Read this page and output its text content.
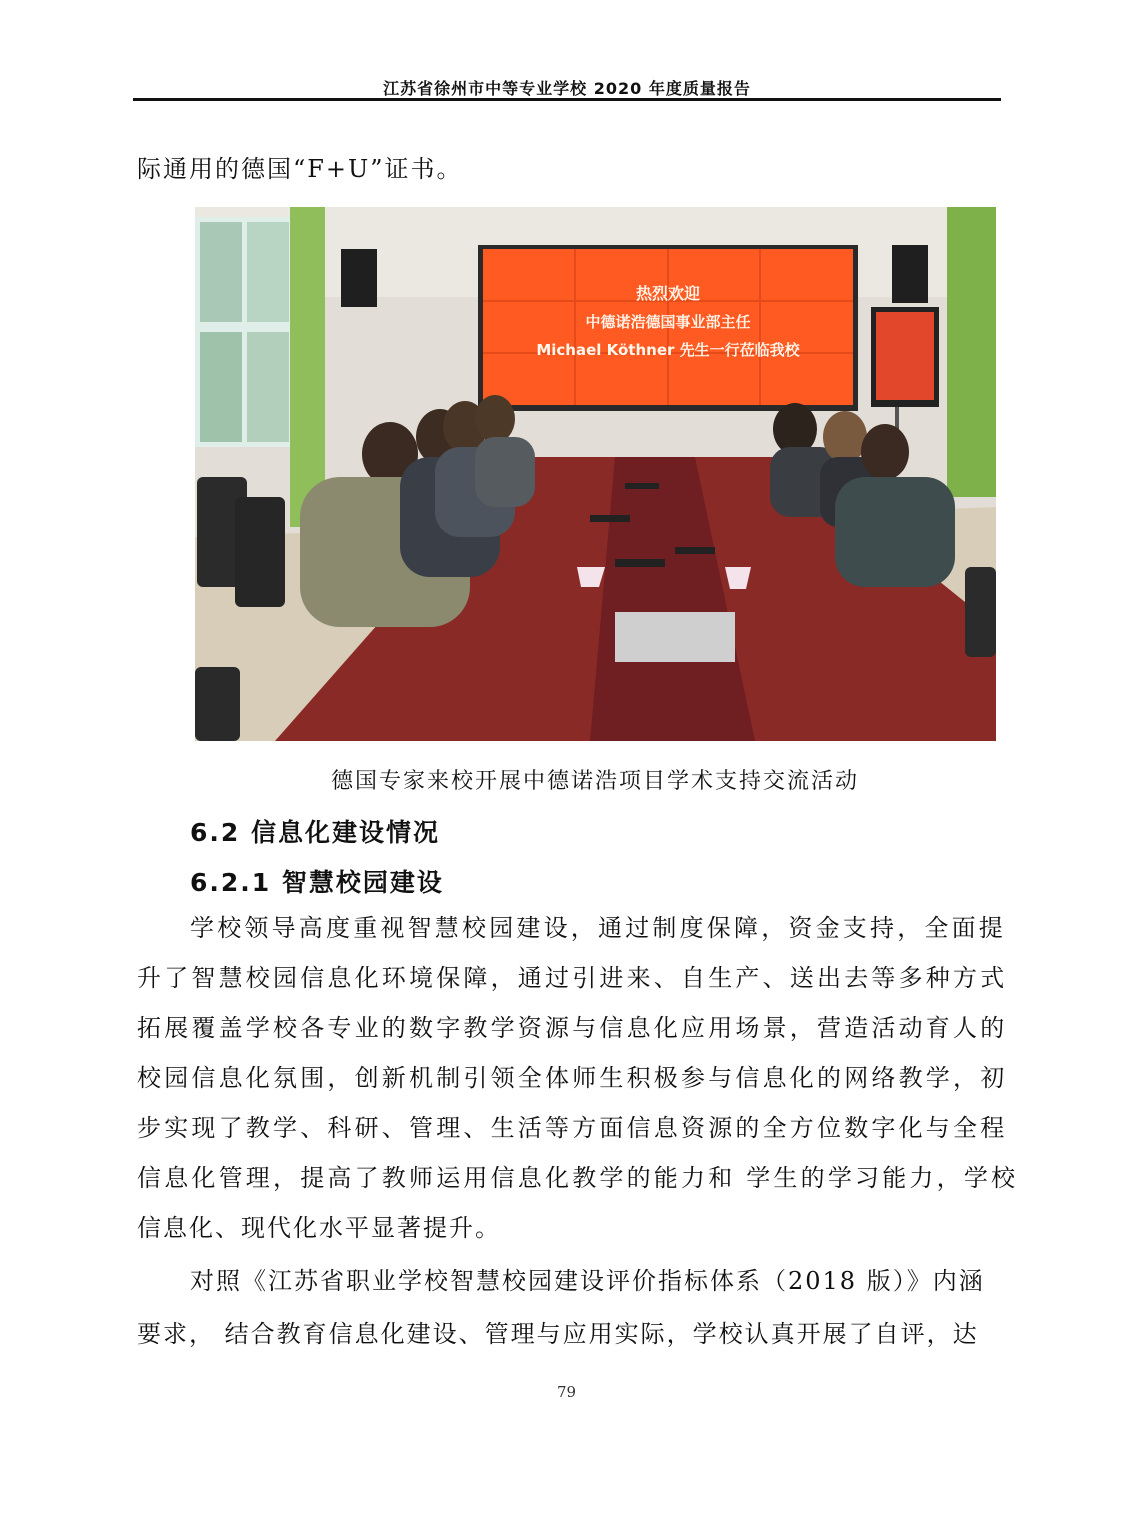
江苏省徐州市中等专业学校 2020 年度质量报告
际通用的德国“F+U”证书。
热烈欢迎
中德诺浩德国事业部主任
Michael Köthner 先生一行莅临我校
德国专家来校开展中德诺浩项目学术支持交流活动
6.2 信息化建设情况
6.2.1 智慧校园建设
学校领导高度重视智慧校园建设，通过制度保障，资金支持，全面提
升了智慧校园信息化环境保障，通过引进来、自生产、送出去等多种方式
拓展覆盖学校各专业的数字教学资源与信息化应用场景，营造活动育人的
校园信息化氛围，创新机制引领全体师生积极参与信息化的网络教学，初
步实现了教学、科研、管理、生活等方面信息资源的全方位数字化与全程
信息化管理，提高了教师运用信息化教学的能力和 学生的学习能力，学校
信息化、现代化水平显著提升。
对照《江苏省职业学校智慧校园建设评价指标体系（2018 版）》内涵
要求， 结合教育信息化建设、管理与应用实际，学校认真开展了自评，达
79
